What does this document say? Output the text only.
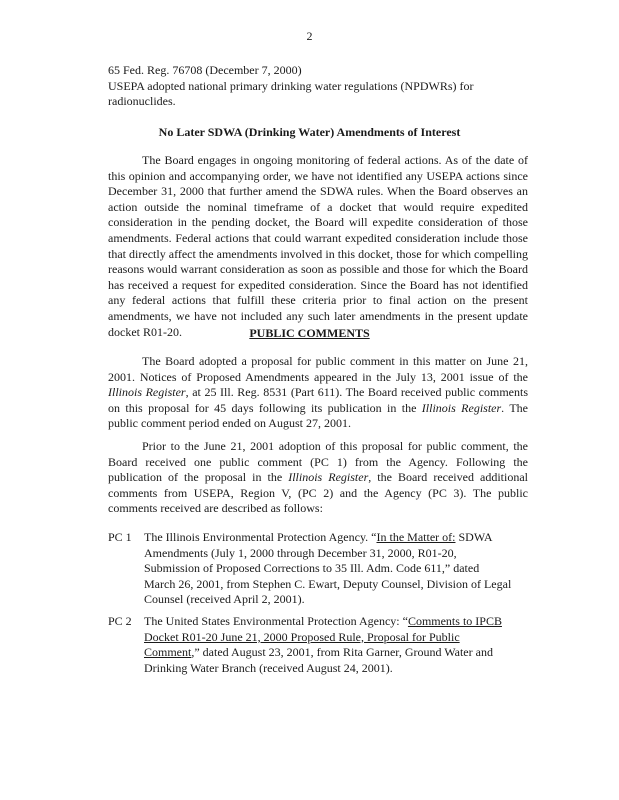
2

65 Fed. Reg. 76708 (December 7, 2000)

USEPA adopted national primary drinking water regulations (NPDWRs) for radionuclides.

No Later SDWA (Drinking Water) Amendments of Interest

The Board engages in ongoing monitoring of federal actions. As of the date of this opinion and accompanying order, we have not identified any USEPA actions since December 31, 2000 that further amend the SDWA rules. When the Board observes an action outside the nominal timeframe of a docket that would require expedited consideration in the pending docket, the Board will expedite consideration of those amendments. Federal actions that could warrant expedited consideration include those that directly affect the amendments involved in this docket, those for which compelling reasons would warrant consideration as soon as possible and those for which the Board has received a request for expedited consideration. Since the Board has not identified any federal actions that fulfill these criteria prior to final action on the present amendments, we have not included any such later amendments in the present update docket R01-20.	PUBLIC COMMENTS

The Board adopted a proposal for public comment in this matter on June 21, 2001. Notices of Proposed Amendments appeared in the July 13, 2001 issue of the Illinois Register, at 25 Ill. Reg. 8531 (Part 611). The Board received public comments on this proposal for 45 days following its publication in the Illinois Register. The public comment period ended on August 27, 2001.

Prior to the June 21, 2001 adoption of this proposal for public comment, the Board received one public comment (PC 1) from the Agency. Following the publication of the proposal in the Illinois Register, the Board received additional comments from USEPA, Region V, (PC 2) and the Agency (PC 3). The public comments received are described as follows:

PC 1	The Illinois Environmental Protection Agency. “In the Matter of: SDWA Amendments (July 1, 2000 through December 31, 2000, R01-20, Submission of Proposed Corrections to 35 Ill. Adm. Code 611,” dated March 26, 2001, from Stephen C. Ewart, Deputy Counsel, Division of Legal Counsel (received April 2, 2001).
PC 2	The United States Environmental Protection Agency: “Comments to IPCB Docket R01-20 June 21, 2000 Proposed Rule, Proposal for Public Comment,” dated August 23, 2001, from Rita Garner, Ground Water and Drinking Water Branch (received August 24, 2001).
